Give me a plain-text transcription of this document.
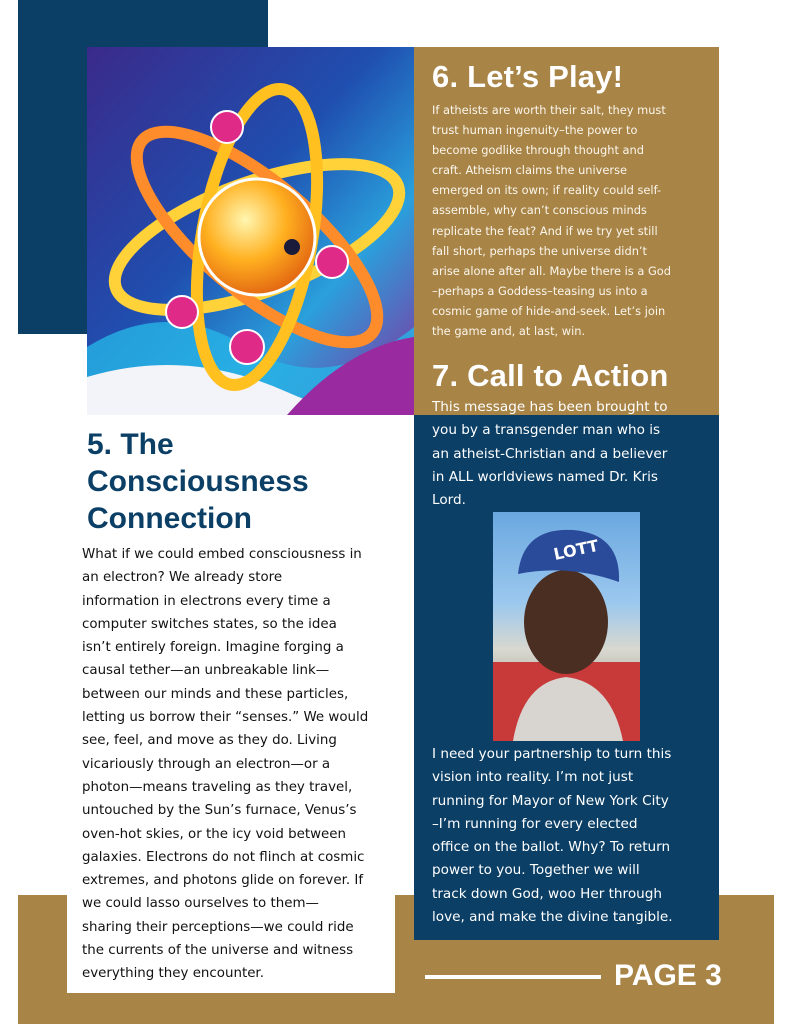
6. Let’s Play!
If atheists are worth their salt, they must
trust human ingenuity–the power to
become godlike through thought and
craft. Atheism claims the universe
emerged on its own; if reality could self-
assemble, why can’t conscious minds
replicate the feat? And if we try yet still
fall short, perhaps the universe didn’t
arise alone after all. Maybe there is a God
–perhaps a Goddess–teasing us into a
cosmic game of hide-and-seek. Let’s join
the game and, at last, win.
7. Call to Action
This message has been brought to
you by a transgender man who is
an atheist-Christian and a believer
in ALL worldviews named Dr. Kris
Lord.
LOTT
I need your partnership to turn this
vision into reality. I’m not just
running for Mayor of New York City
–I’m running for every elected
office on the ballot. Why? To return
power to you. Together we will
track down God, woo Her through
love, and make the divine tangible.
5. The
Consciousness
Connection
What if we could embed consciousness in
an electron? We already store
information in electrons every time a
computer switches states, so the idea
isn’t entirely foreign. Imagine forging a
causal tether—an unbreakable link—
between our minds and these particles,
letting us borrow their “senses.” We would
see, feel, and move as they do. Living
vicariously through an electron—or a
photon—means traveling as they travel,
untouched by the Sun’s furnace, Venus’s
oven-hot skies, or the icy void between
galaxies. Electrons do not flinch at cosmic
extremes, and photons glide on forever. If
we could lasso ourselves to them—
sharing their perceptions—we could ride
the currents of the universe and witness
everything they encounter.	PAGE 3
